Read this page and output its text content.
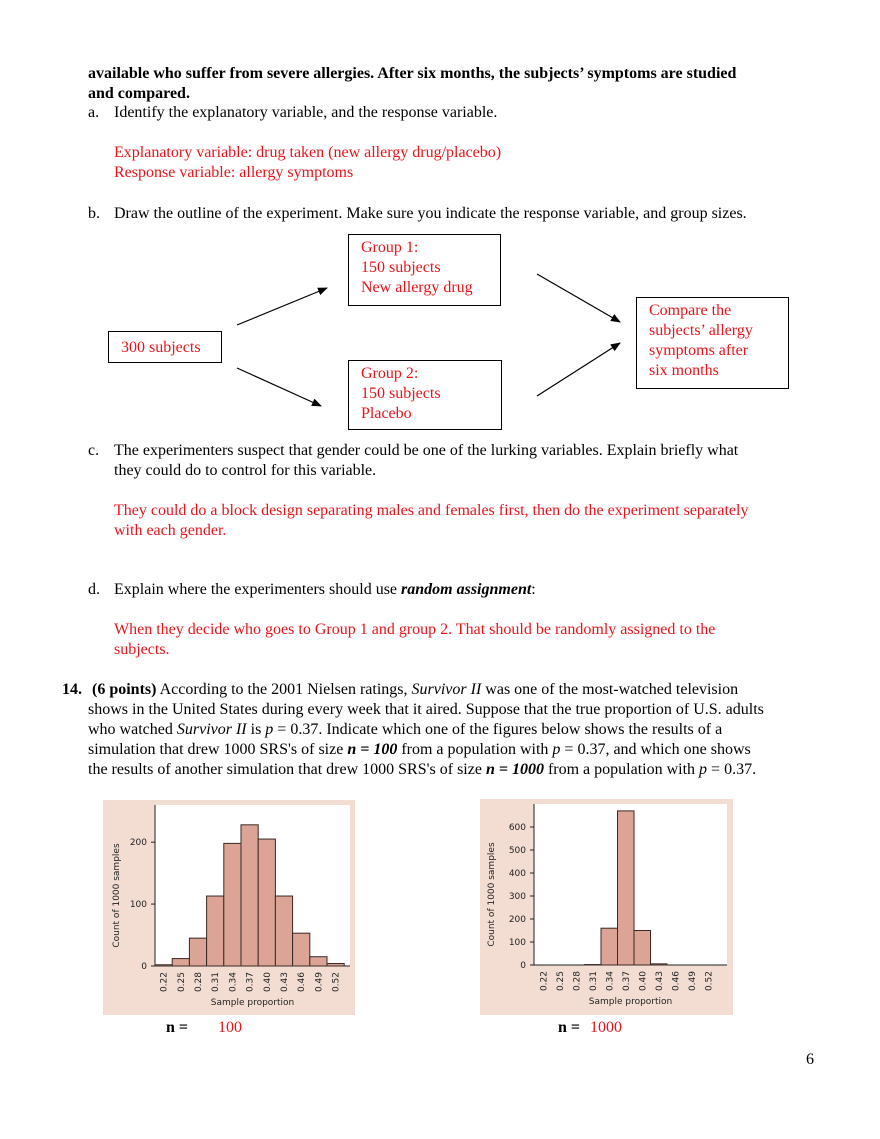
available who suffer from severe allergies. After six months, the subjects’ symptoms are studied
and compared.
a. Identify the explanatory variable, and the response variable.
Explanatory variable: drug taken (new allergy drug/placebo)
Response variable: allergy symptoms
b. Draw the outline of the experiment. Make sure you indicate the response variable, and group sizes.
300 subjects
Group 1:
150 subjects
New allergy drug
Group 2:
150 subjects
Placebo
Compare the
subjects’ allergy
symptoms after
six months
c. The experimenters suspect that gender could be one of the lurking variables. Explain briefly what
they could do to control for this variable.
They could do a block design separating males and females first, then do the experiment separately
with each gender.
d. Explain where the experimenters should use random assignment:
When they decide who goes to Group 1 and group 2. That should be randomly assigned to the
subjects.
14. (6 points) According to the 2001 Nielsen ratings, Survivor II was one of the most-watched television
shows in the United States during every week that it aired. Suppose that the true proportion of U.S. adults
who watched Survivor II is p = 0.37. Indicate which one of the figures below shows the results of a
simulation that drew 1000 SRS's of size n = 100 from a population with p = 0.37, and which one shows
the results of another simulation that drew 1000 SRS's of size n = 1000 from a population with p = 0.37.
0
100
200
0.22 0.25 0.28 0.31 0.34 0.37 0.40 0.43 0.46 0.49 0.52
Sample proportion
Count of 1000 samples
0
100
200
300
400
500
600
0.22 0.25 0.28 0.31 0.34 0.37 0.40 0.43 0.46 0.49 0.52
Sample proportion
Count of 1000 samples
n = 100	n = 1000
6
